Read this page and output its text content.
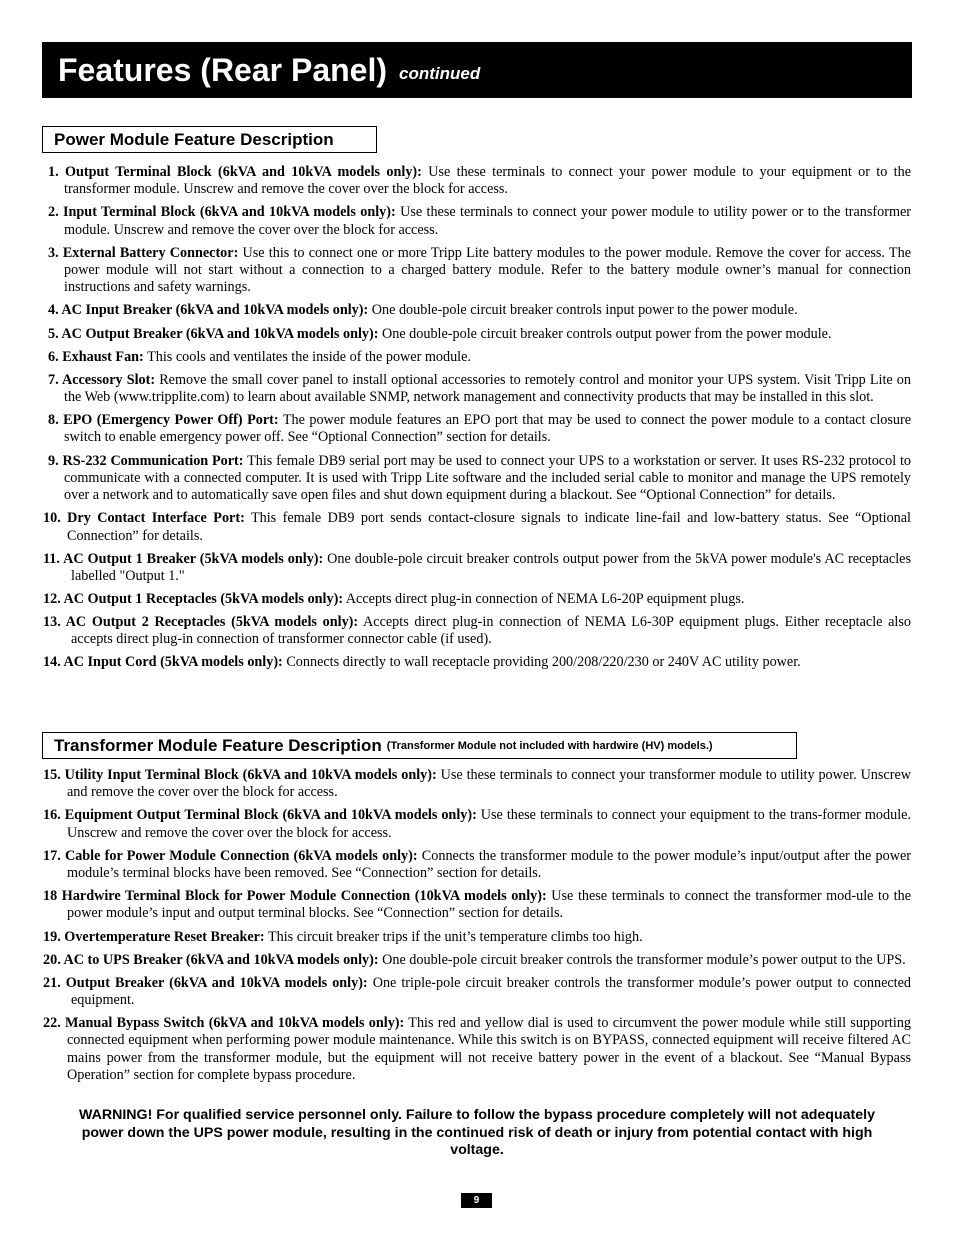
Features (Rear Panel) continued
Power Module Feature Description
1. Output Terminal Block (6kVA and 10kVA models only): Use these terminals to connect your power module to your equipment or to the transformer module. Unscrew and remove the cover over the block for access.
2. Input Terminal Block (6kVA and 10kVA models only): Use these terminals to connect your power module to utility power or to the transformer module. Unscrew and remove the cover over the block for access.
3. External Battery Connector: Use this to connect one or more Tripp Lite battery modules to the power module. Remove the cover for access. The power module will not start without a connection to a charged battery module. Refer to the battery module owner’s manual for connection instructions and safety warnings.
4. AC Input Breaker (6kVA and 10kVA models only): One double-pole circuit breaker controls input power to the power module.
5. AC Output Breaker (6kVA and 10kVA models only): One double-pole circuit breaker controls output power from the power module.
6. Exhaust Fan: This cools and ventilates the inside of the power module.
7. Accessory Slot: Remove the small cover panel to install optional accessories to remotely control and monitor your UPS system. Visit Tripp Lite on the Web (www.tripplite.com) to learn about available SNMP, network management and connectivity products that may be installed in this slot.
8. EPO (Emergency Power Off) Port: The power module features an EPO port that may be used to connect the power module to a contact closure switch to enable emergency power off. See “Optional Connection” section for details.
9. RS-232 Communication Port: This female DB9 serial port may be used to connect your UPS to a workstation or server. It uses RS-232 protocol to communicate with a connected computer. It is used with Tripp Lite software and the included serial cable to monitor and manage the UPS remotely over a network and to automatically save open files and shut down equipment during a blackout. See “Optional Connection” for details.
10. Dry Contact Interface Port: This female DB9 port sends contact-closure signals to indicate line-fail and low-battery status. See “Optional Connection” for details.
11. AC Output 1 Breaker (5kVA models only): One double-pole circuit breaker controls output power from the 5kVA power module's AC receptacles labelled "Output 1."
12. AC Output 1 Receptacles (5kVA models only): Accepts direct plug-in connection of NEMA L6-20P equipment plugs.
13. AC Output 2 Receptacles (5kVA models only): Accepts direct plug-in connection of NEMA L6-30P equipment plugs. Either receptacle also accepts direct plug-in connection of transformer connector cable (if used).
14. AC Input Cord (5kVA models only): Connects directly to wall receptacle providing 200/208/220/230 or 240V AC utility power.
Transformer Module Feature Description (Transformer Module not included with hardwire (HV) models.)
15. Utility Input Terminal Block (6kVA and 10kVA models only): Use these terminals to connect your transformer module to utility power. Unscrew and remove the cover over the block for access.
16. Equipment Output Terminal Block (6kVA and 10kVA models only): Use these terminals to connect your equipment to the trans-former module. Unscrew and remove the cover over the block for access.
17. Cable for Power Module Connection (6kVA models only): Connects the transformer module to the power module’s input/output after the power module’s terminal blocks have been removed. See “Connection” section for details.
18 Hardwire Terminal Block for Power Module Connection (10kVA models only): Use these terminals to connect the transformer mod-ule to the power module’s input and output terminal blocks. See “Connection” section for details.
19. Overtemperature Reset Breaker: This circuit breaker trips if the unit’s temperature climbs too high.
20. AC to UPS Breaker (6kVA and 10kVA models only): One double-pole circuit breaker controls the transformer module’s power output to the UPS.
21. Output Breaker (6kVA and 10kVA models only): One triple-pole circuit breaker controls the transformer module’s power output to connected equipment.
22. Manual Bypass Switch (6kVA and 10kVA models only): This red and yellow dial is used to circumvent the power module while still supporting connected equipment when performing power module maintenance. While this switch is on BYPASS, connected equipment will receive filtered AC mains power from the transformer module, but the equipment will not receive battery power in the event of a blackout. See “Manual Bypass Operation” section for complete bypass procedure.
WARNING! For qualified service personnel only. Failure to follow the bypass procedure completely will not adequately power down the UPS power module, resulting in the continued risk of death or injury from potential contact with high voltage.
9
